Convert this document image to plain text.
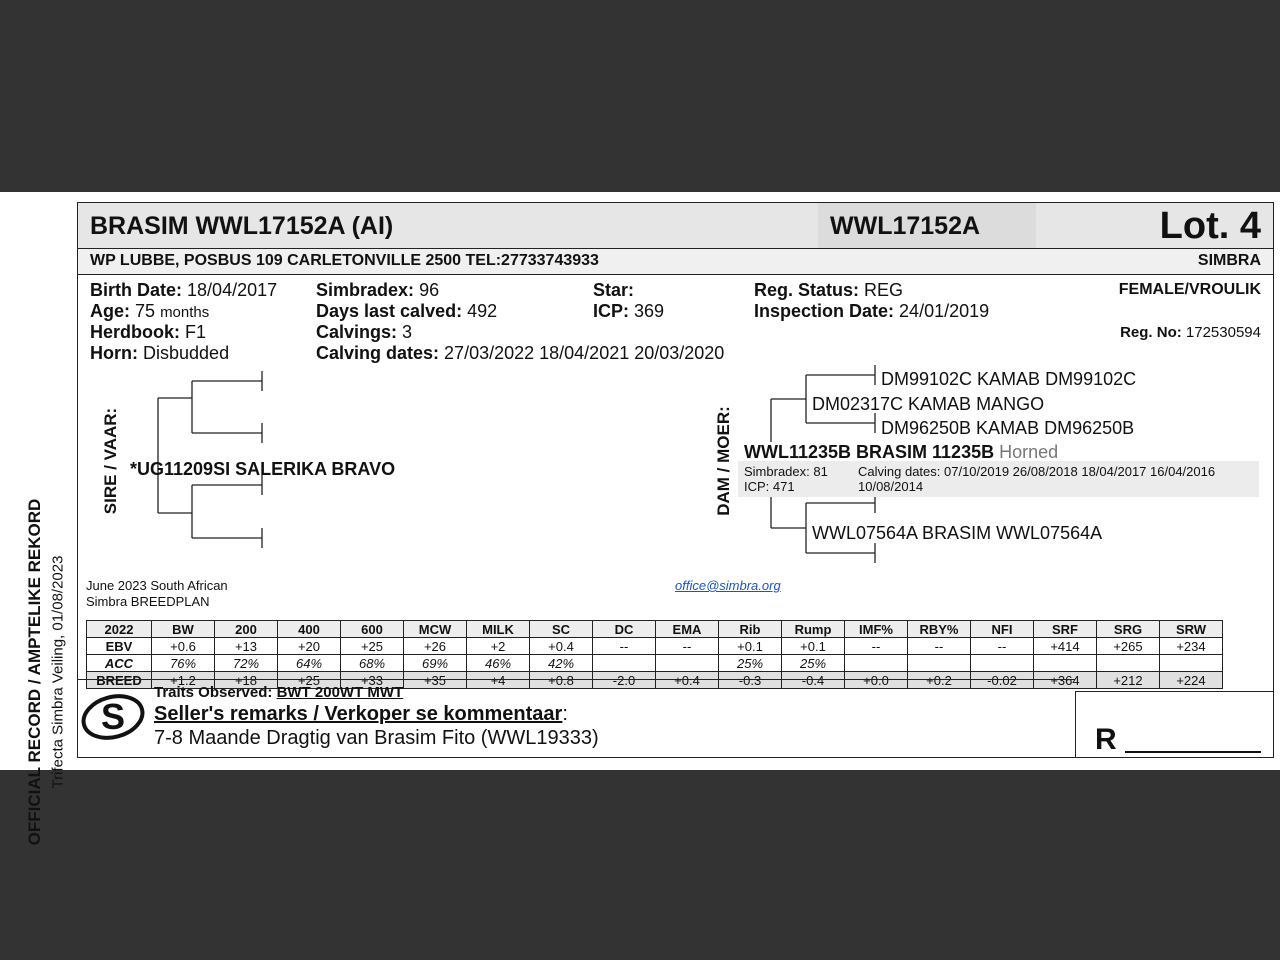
OFFICIAL RECORD / AMPTELIKE REKORD Trifecta Simbra Veiling, 01/08/2023
BRASIM WWL17152A (AI)	WWL17152A	Lot. 4
WP LUBBE, POSBUS 109 CARLETONVILLE 2500 TEL:27733743933	SIMBRA
Birth Date: 18/04/2017
Age: 75 months
Herdbook: F1
Horn: Disbudded
Simbradex: 96
Days last calved: 492
Calvings: 3
Calving dates: 27/03/2022 18/04/2021 20/03/2020
Star:
ICP: 369
Reg. Status: REG
Inspection Date: 24/01/2019
FEMALE/VROULIK
Reg. No: 172530594
SIRE / VAAR: *UG11209SI SALERIKA BRAVO	DAM / MOER:
DM99102C KAMAB DM99102C
DM02317C KAMAB MANGO
DM96250B KAMAB DM96250B
WWL11235B BRASIM 11235B Horned
Simbradex: 81
ICP: 471
Calving dates: 07/10/2019 26/08/2018 18/04/2017 16/04/2016
10/08/2014
WWL07564A BRASIM WWL07564A
June 2023 South African
Simbra BREEDPLAN
office@simbra.org
2022	BW	200	400	600	MCW	MILK	SC	DC	EMA	Rib	Rump	IMF%	RBY%	NFI	SRF	SRG	SRW
EBV	+0.6	+13	+20	+25	+26	+2	+0.4	--	--	+0.1	+0.1	--	--	--	+414	+265	+234
ACC	76%	72%	64%	68%	69%	46%	42%			25%	25%						
BREED	+1.2	+18	+25	+33	+35	+4	+0.8	-2.0	+0.4	-0.3	-0.4	+0.0	+0.2	-0.02	+364	+212	+224
S
Traits Observed: BWT 200WT MWT
Seller's remarks / Verkoper se kommentaar:
7-8 Maande Dragtig van Brasim Fito (WWL19333)	R
